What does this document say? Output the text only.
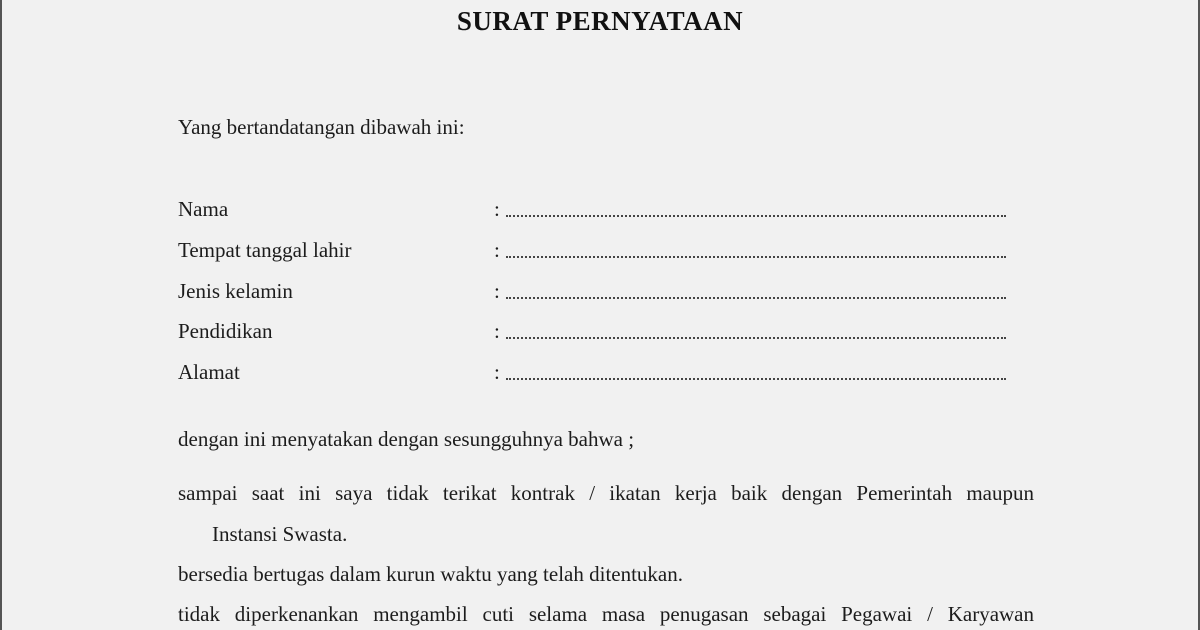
SURAT PERNYATAAN
Yang bertandatangan dibawah ini:
Nama	:
Tempat tanggal lahir	:
Jenis kelamin	:
Pendidikan	:
Alamat	:
dengan ini menyatakan dengan sesungguhnya bahwa ;
sampai saat ini saya tidak terikat kontrak / ikatan kerja baik dengan Pemerintah maupun
Instansi Swasta.
bersedia bertugas dalam kurun waktu yang telah ditentukan.
tidak diperkenankan mengambil cuti selama masa penugasan sebagai Pegawai / Karyawan
